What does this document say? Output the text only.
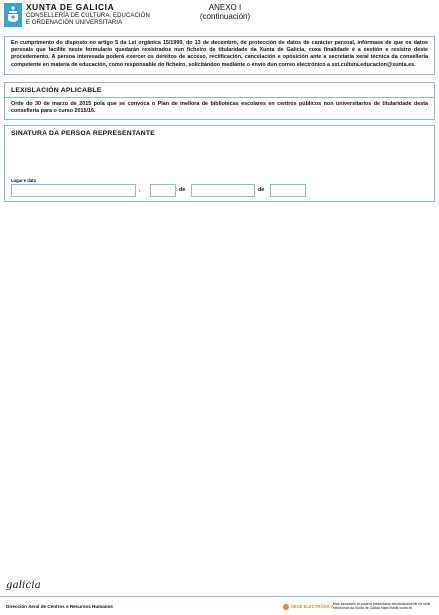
XUNTA DE GALICIA
CONSELLERÍA DE CULTURA, EDUCACIÓN
E ORDENACIÓN UNIVERSITARIA
ANEXO I
(continuación)
En cumprimento do disposto no artigo 5 da Lei orgánica 15/1999, do 13 de decembro, de protección de datos de carácter persoal, infórmase de que os datos persoais que facilite neste formulario quedarán rexistrados nun ficheiro de titularidade da Xunta de Galicia, cuxa finalidade é a xestión e rexistro deste procedemento. A persoa interesada poderá exercer os dereitos de acceso, rectificación, cancelación e oposición ante a secretaría xeral técnica da consellería competente en materia de educación, como responsable do ficheiro, solicitándoo mediante o envío dun correo electrónico a sxt.cultura.educacion@xunta.es.
LEXISLACIÓN APLICABLE
Orde do 30 de marzo de 2015 pola que se convoca o Plan de mellora de bibliotecas escolares en centros públicos non universitarios de titularidade desta consellería para o curso 2015/16.
SINATURA DA PERSOA REPRESENTANTE
Lugar e data
,	de	de
galicia
Dirección Xeral de Centros e Recursos Humanos	SEDE ELECTRÓNICA Este formulario só poderá presentarse electronicamente na sede electrónica da Xunta de Galicia https://sede.xunta.es
